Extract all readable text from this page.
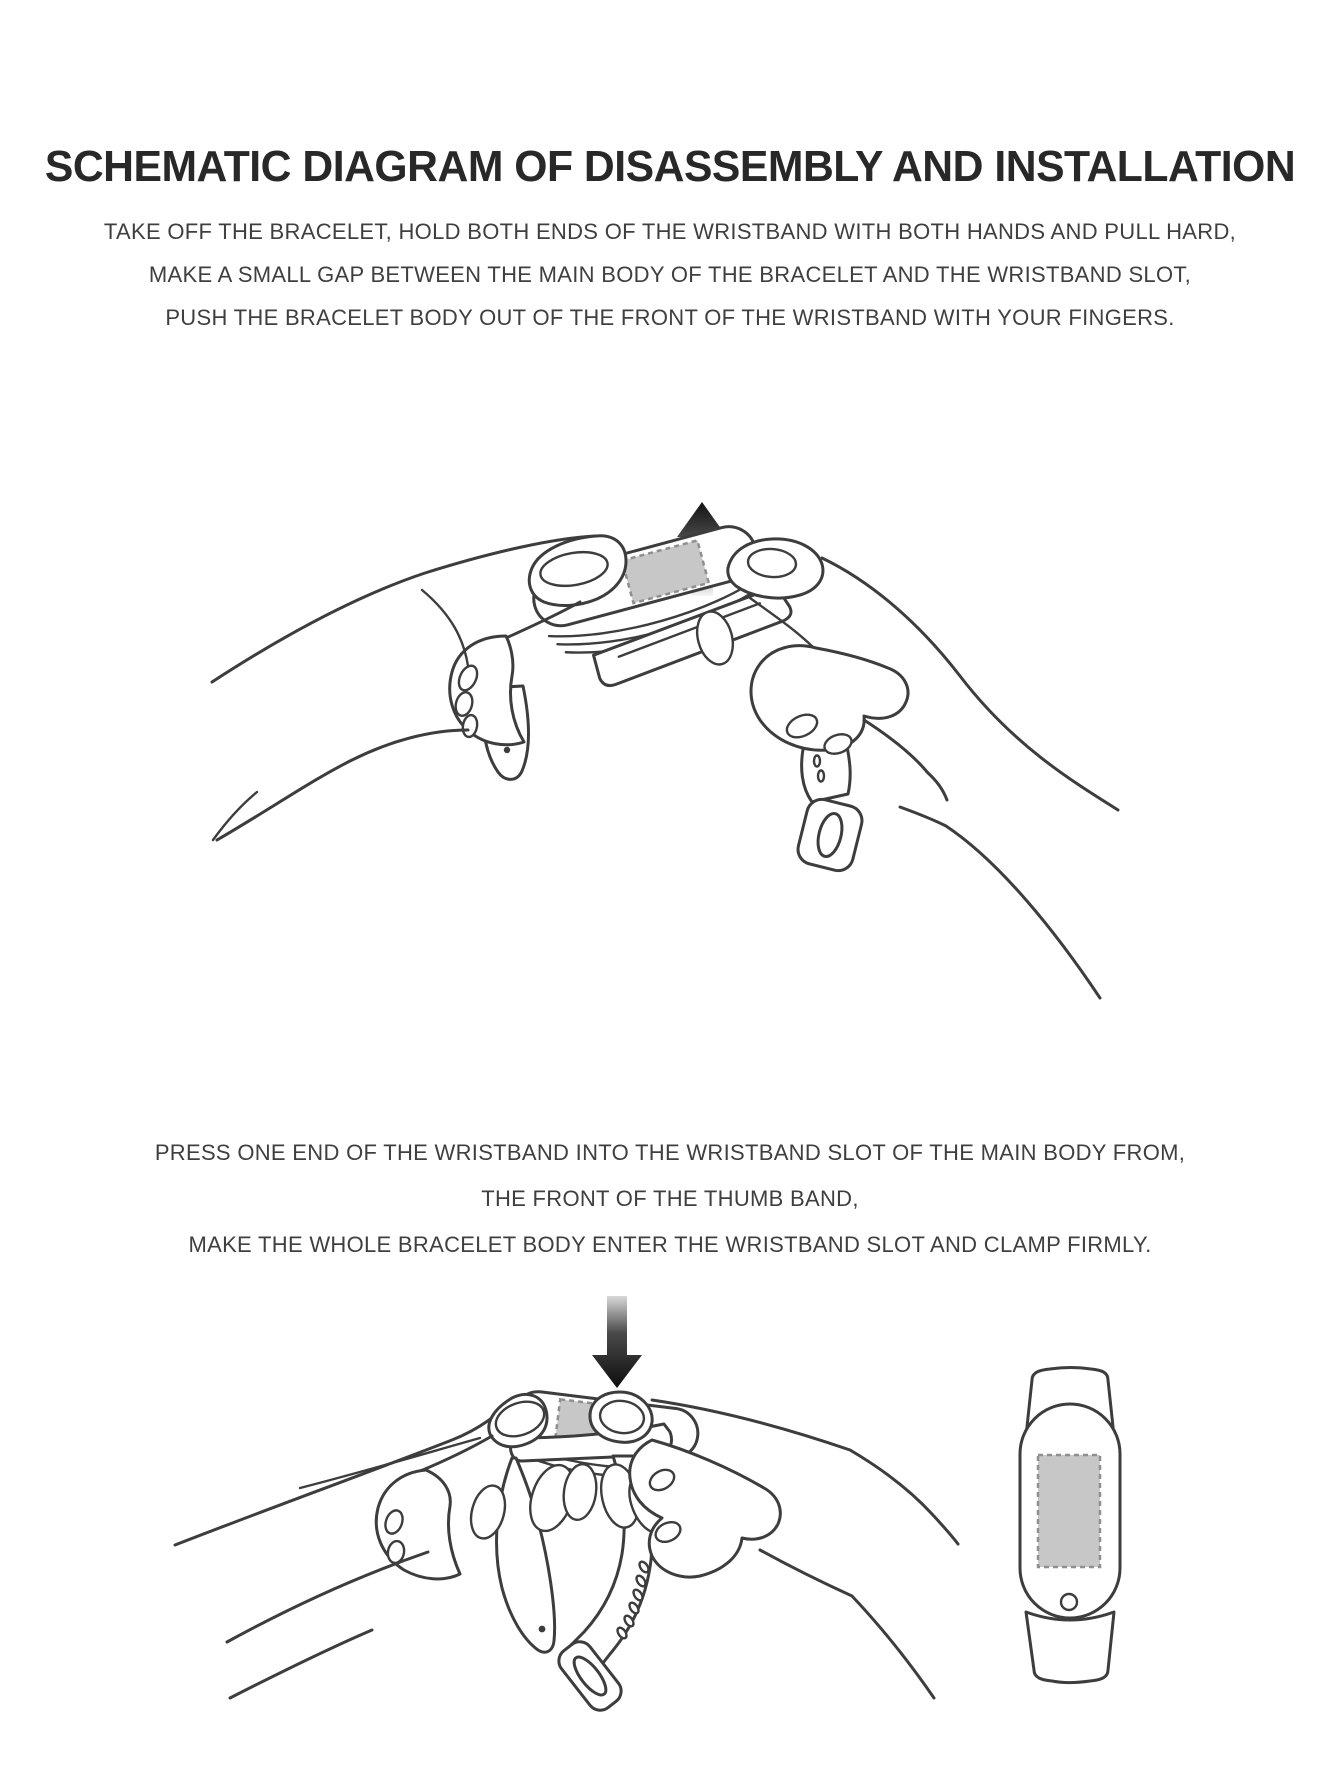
SCHEMATIC DIAGRAM OF DISASSEMBLY AND INSTALLATION

TAKE OFF THE BRACELET, HOLD BOTH ENDS OF THE WRISTBAND WITH BOTH HANDS AND PULL HARD,

MAKE A SMALL GAP BETWEEN THE MAIN BODY OF THE BRACELET AND THE WRISTBAND SLOT,

PUSH THE BRACELET BODY OUT OF THE FRONT OF THE WRISTBAND WITH YOUR FINGERS.

PRESS ONE END OF THE WRISTBAND INTO THE WRISTBAND SLOT OF THE MAIN BODY FROM,

THE FRONT OF THE THUMB BAND,

MAKE THE WHOLE BRACELET BODY ENTER THE WRISTBAND SLOT AND CLAMP FIRMLY.
